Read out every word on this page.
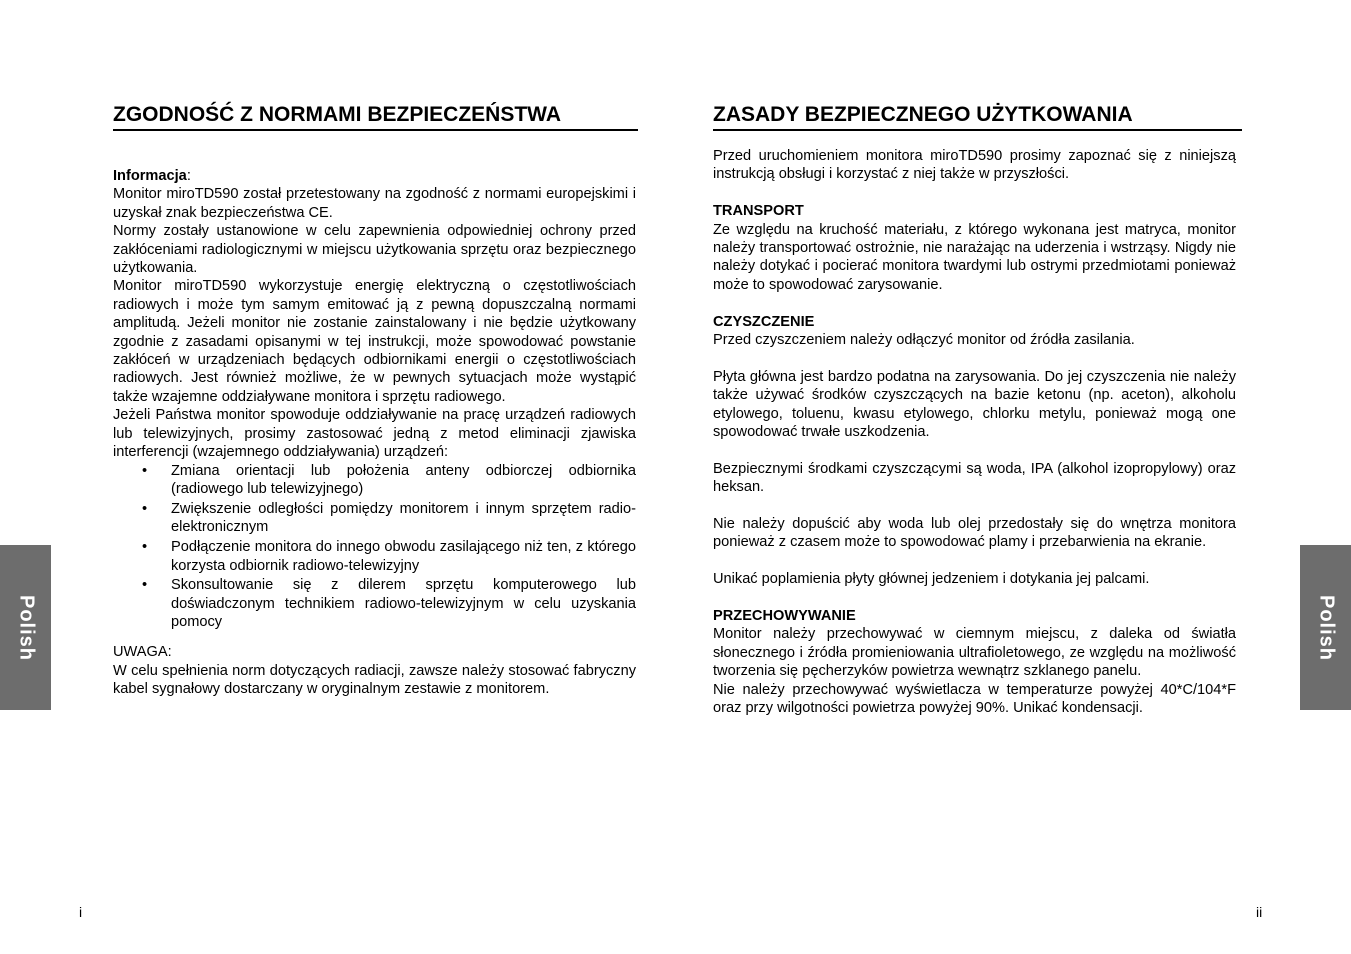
ZGODNOŚĆ Z NORMAMI BEZPIECZEŃSTWA

Informacja:

Monitor miroTD590 został przetestowany na zgodność z normami europejskimi i uzyskał znak bezpieczeństwa CE.

Normy zostały ustanowione w celu zapewnienia odpowiedniej ochrony przed zakłóceniami radiologicznymi w miejscu użytkowania sprzętu oraz bezpiecznego użytkowania.

Monitor miroTD590 wykorzystuje energię elektryczną o częstotliwościach radiowych i może tym samym emitować ją z pewną dopuszczalną normami amplitudą. Jeżeli monitor nie zostanie zainstalowany i nie będzie użytkowany zgodnie z zasadami opisanymi w tej instrukcji, może spowodować powstanie zakłóceń w urządzeniach będących odbiornikami energii o częstotliwościach radiowych. Jest również możliwe, że w pewnych sytuacjach może wystąpić także wzajemne oddziaływane monitora i sprzętu radiowego.

Jeżeli Państwa monitor spowoduje oddziaływanie na pracę urządzeń radiowych lub telewizyjnych, prosimy zastosować jedną z metod eliminacji zjawiska interferencji (wzajemnego oddziaływania) urządzeń:

• Zmiana orientacji lub położenia anteny odbiorczej odbiornika (radiowego lub telewizyjnego)
• Zwiększenie odległości pomiędzy monitorem i innym sprzętem radio-elektronicznym
• Podłączenie monitora do innego obwodu zasilającego niż ten, z którego korzysta odbiornik radiowo-telewizyjny
• Skonsultowanie się z dilerem sprzętu komputerowego lub doświadczonym technikiem radiowo-telewizyjnym w celu uzyskania pomocy

UWAGA:

W celu spełnienia norm dotyczących radiacji, zawsze należy stosować fabryczny kabel sygnałowy dostarczany w oryginalnym zestawie z monitorem.

ZASADY BEZPIECZNEGO UŻYTKOWANIA

Przed uruchomieniem monitora miroTD590 prosimy zapoznać się z niniejszą instrukcją obsługi i korzystać z niej także w przyszłości.

TRANSPORT

Ze względu na kruchość materiału, z którego wykonana jest matryca, monitor należy transportować ostrożnie, nie narażając na uderzenia i wstrząsy. Nigdy nie należy dotykać i pocierać monitora twardymi lub ostrymi przedmiotami ponieważ może to spowodować zarysowanie.

CZYSZCZENIE

Przed czyszczeniem należy odłączyć monitor od źródła zasilania.

Płyta główna jest bardzo podatna na zarysowania. Do jej czyszczenia nie należy także używać środków czyszczących na bazie ketonu (np. aceton), alkoholu etylowego, toluenu, kwasu etylowego, chlorku metylu, ponieważ mogą one spowodować trwałe uszkodzenia.

Bezpiecznymi środkami czyszczącymi są woda, IPA (alkohol izopropylowy) oraz heksan.

Nie należy dopuścić aby woda lub olej przedostały się do wnętrza monitora ponieważ z czasem może to spowodować plamy i przebarwienia na ekranie.

Unikać poplamienia płyty głównej jedzeniem i dotykania jej palcami.

PRZECHOWYWANIE

Monitor należy przechowywać w ciemnym miejscu, z daleka od światła słonecznego i źródła promieniowania ultrafioletowego, ze względu na możliwość tworzenia się pęcherzyków powietrza wewnątrz szklanego panelu.

Nie należy przechowywać wyświetlacza w temperaturze powyżej 40*C/104*F oraz przy wilgotności powietrza powyżej 90%. Unikać kondensacji.

Polish	Polish
i	ii
